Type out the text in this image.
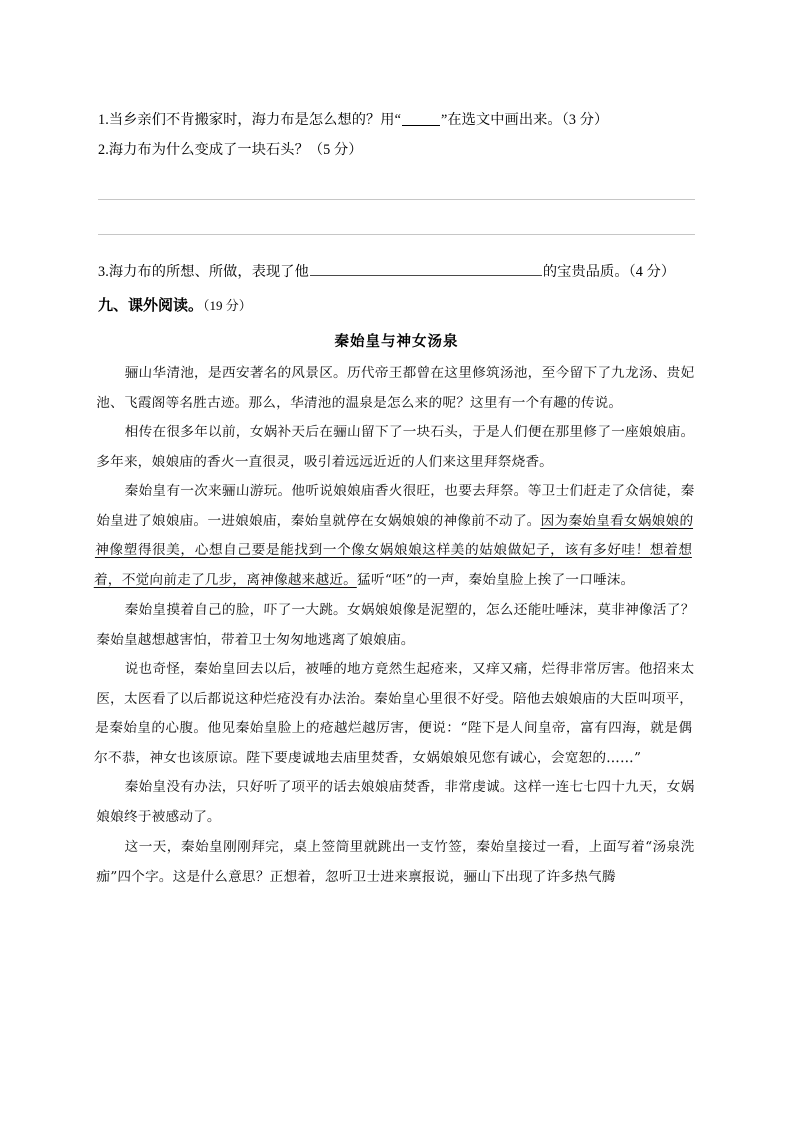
1.当乡亲们不肯搬家时，海力布是怎么想的？用“	”在选文中画出来。（3 分）
2.海力布为什么变成了一块石头？（5 分）
3. 海力布的所想、所做，表现了他	的宝贵品质。（4 分）
九、课外阅读。（19 分）
秦始皇与神女汤泉

骊山华清池，是西安著名的风景区。历代帝王都曾在这里修筑汤池，至今留下了九龙汤、贵妃池、飞霞阁等名胜古迹。那么，华清池的温泉是怎么来的呢？这里有一个有趣的传说。

相传在很多年以前，女娲补天后在骊山留下了一块石头，于是人们便在那里修了一座娘娘庙。多年来，娘娘庙的香火一直很灵，吸引着远远近近的人们来这里拜祭烧香。

秦始皇有一次来骊山游玩。他听说娘娘庙香火很旺，也要去拜祭。等卫士们赶走了众信徒，秦始皇进了娘娘庙。一进娘娘庙，秦始皇就停在女娲娘娘的神像前不动了。因为秦始皇看女娲娘娘的神像塑得很美，心想自己要是能找到一个像女娲娘娘这样美的姑娘做妃子，该有多好哇！想着想着，不觉向前走了几步，离神像越来越近。猛听“呸”的一声，秦始皇脸上挨了一口唾沫。

秦始皇摸着自己的脸，吓了一大跳。女娲娘娘像是泥塑的，怎么还能吐唾沫，莫非神像活了？秦始皇越想越害怕，带着卫士匆匆地逃离了娘娘庙。

说也奇怪，秦始皇回去以后，被唾的地方竟然生起疮来，又痒又痛，烂得非常厉害。他招来太医，太医看了以后都说这种烂疮没有办法治。秦始皇心里很不好受。陪他去娘娘庙的大臣叫项平，是秦始皇的心腹。他见秦始皇脸上的疮越烂越厉害，便说：“陛下是人间皇帝，富有四海，就是偶尔不恭，神女也该原谅。陛下要虔诚地去庙里焚香，女娲娘娘见您有诚心，会宽恕的……”

秦始皇没有办法，只好听了项平的话去娘娘庙焚香，非常虔诚。这样一连七七四十九天，女娲娘娘终于被感动了。

这一天，秦始皇刚刚拜完，桌上签筒里就跳出一支竹签，秦始皇接过一看，上面写着“汤泉洗痂”四个字。这是什么意思？正想着，忽听卫士进来禀报说，骊山下出现了许多热气腾
